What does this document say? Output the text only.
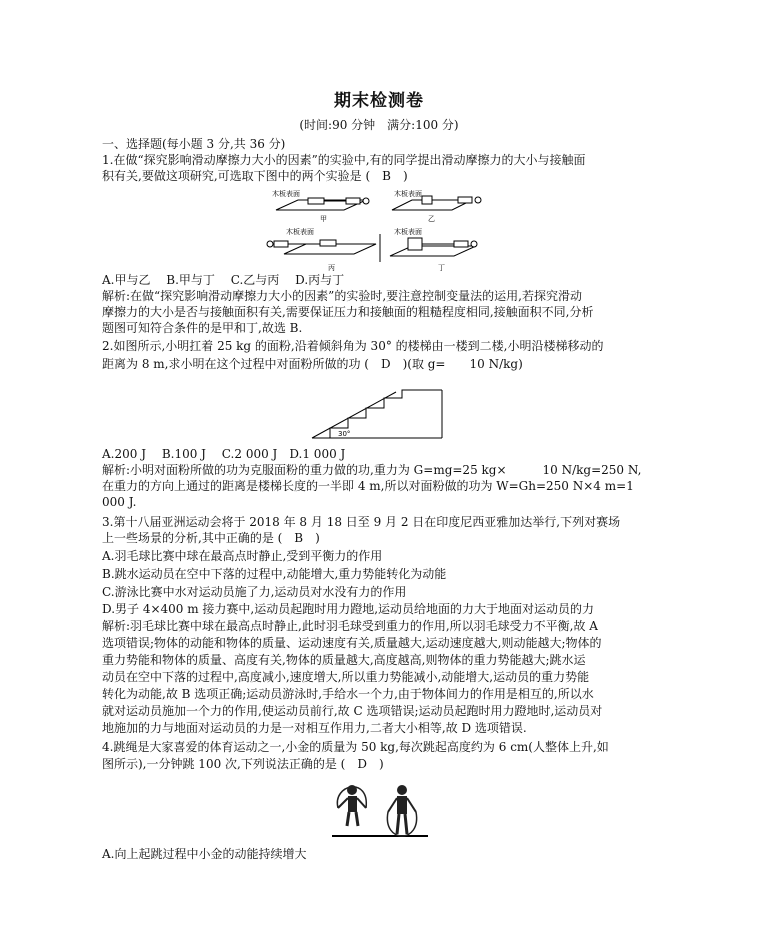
期末检测卷
(时间:90 分钟　满分:100 分)
一、选择题(每小题 3 分,共 36 分)
1.在做“探究影响滑动摩擦力大小的因素”的实验中,有的同学提出滑动摩擦力的大小与接触面
积有关,要做这项研究,可选取下图中的两个实验是 (　B　)
木板表面
甲
木板表面
乙
木板表面
丙
木板表面
丁
A.甲与乙　 B.甲与丁　 C.乙与丙　 D.丙与丁
解析:在做“探究影响滑动摩擦力大小的因素”的实验时,要注意控制变量法的运用,若探究滑动
摩擦力的大小是否与接触面积有关,需要保证压力和接触面的粗糙程度相同,接触面积不同,分析
题图可知符合条件的是甲和丁,故选 B.
2.如图所示,小明扛着 25 kg 的面粉,沿着倾斜角为 30° 的楼梯由一楼到二楼,小明沿楼梯移动的
距离为 8 m,求小明在这个过程中对面粉所做的功 (　D　)(取 g=　　10 N/kg)
30°
A.200 J　 B.100 J　 C.2 000 J　D.1 000 J
解析:小明对面粉所做的功为克服面粉的重力做的功,重力为 G=mg=25 kg×　　　10 N/kg=250 N,
在重力的方向上通过的距离是楼梯长度的一半即 4 m,所以对面粉做的功为 W=Gh=250 N×4 m=1
000 J.
3.第十八届亚洲运动会将于 2018 年 8 月 18 日至 9 月 2 日在印度尼西亚雅加达举行,下列对赛场
上一些场景的分析,其中正确的是 (　B　)
A.羽毛球比赛中球在最高点时静止,受到平衡力的作用
B.跳水运动员在空中下落的过程中,动能增大,重力势能转化为动能
C.游泳比赛中水对运动员施了力,运动员对水没有力的作用
D.男子 4×400 m 接力赛中,运动员起跑时用力蹬地,运动员给地面的力大于地面对运动员的力
解析:羽毛球比赛中球在最高点时静止,此时羽毛球受到重力的作用,所以羽毛球受力不平衡,故 A
选项错误;物体的动能和物体的质量、运动速度有关,质量越大,运动速度越大,则动能越大;物体的
重力势能和物体的质量、高度有关,物体的质量越大,高度越高,则物体的重力势能越大;跳水运
动员在空中下落的过程中,高度减小,速度增大,所以重力势能减小,动能增大,运动员的重力势能
转化为动能,故 B 选项正确;运动员游泳时,手给水一个力,由于物体间力的作用是相互的,所以水
就对运动员施加一个力的作用,使运动员前行,故 C 选项错误;运动员起跑时用力蹬地时,运动员对
地施加的力与地面对运动员的力是一对相互作用力,二者大小相等,故 D 选项错误.
4.跳绳是大家喜爱的体育运动之一,小金的质量为 50 kg,每次跳起高度约为 6 cm(人整体上升,如
图所示),一分钟跳 100 次,下列说法正确的是 (　D　)
A.向上起跳过程中小金的动能持续增大
